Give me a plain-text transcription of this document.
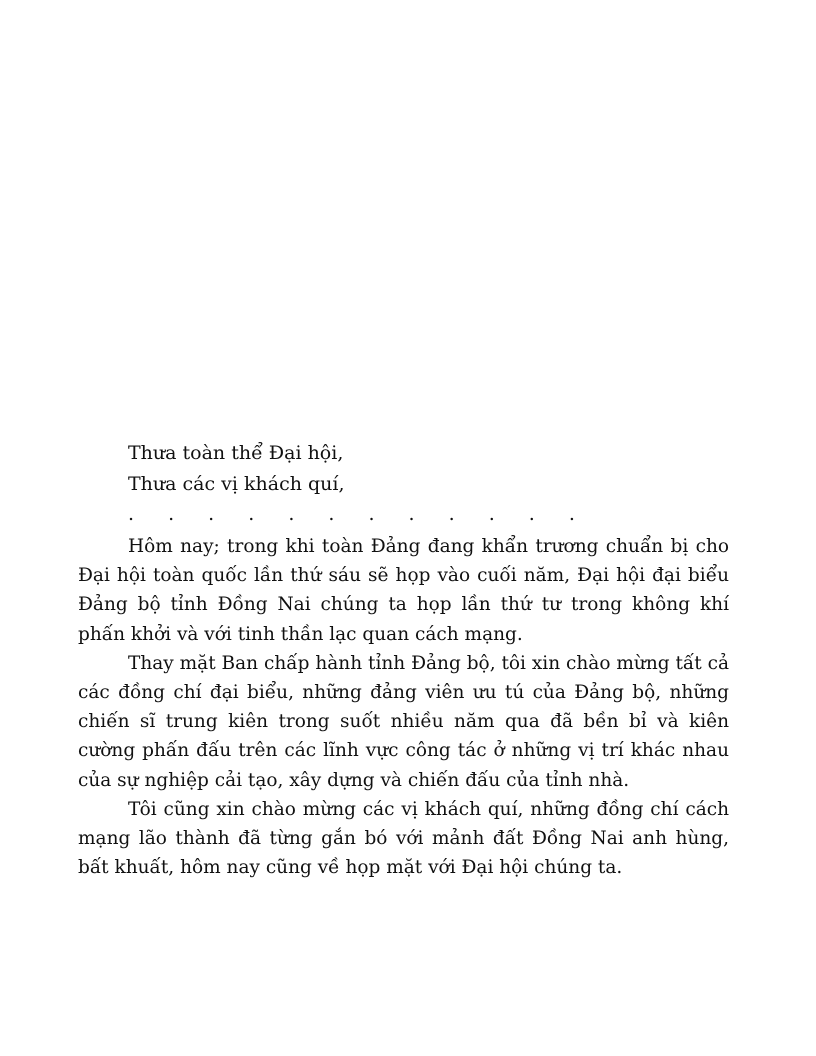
Thưa toàn thể Đại hội,
Thưa các vị khách quí,
. . . . . . . . . . . .

Hôm nay; trong khi toàn Đảng đang khẩn trương chuẩn bị cho Đại hội toàn quốc lần thứ sáu sẽ họp vào cuối năm, Đại hội đại biểu Đảng bộ tỉnh Đồng Nai chúng ta họp lần thứ tư trong không khí phấn khởi và với tinh thần lạc quan cách mạng.

Thay mặt Ban chấp hành tỉnh Đảng bộ, tôi xin chào mừng tất cả các đồng chí đại biểu, những đảng viên ưu tú của Đảng bộ, những chiến sĩ trung kiên trong suốt nhiều năm qua đã bền bỉ và kiên cường phấn đấu trên các lĩnh vực công tác ở những vị trí khác nhau của sự nghiệp cải tạo, xây dựng và chiến đấu của tỉnh nhà.

Tôi cũng xin chào mừng các vị khách quí, những đồng chí cách mạng lão thành đã từng gắn bó với mảnh đất Đồng Nai anh hùng, bất khuất, hôm nay cũng về họp mặt với Đại hội chúng ta.
